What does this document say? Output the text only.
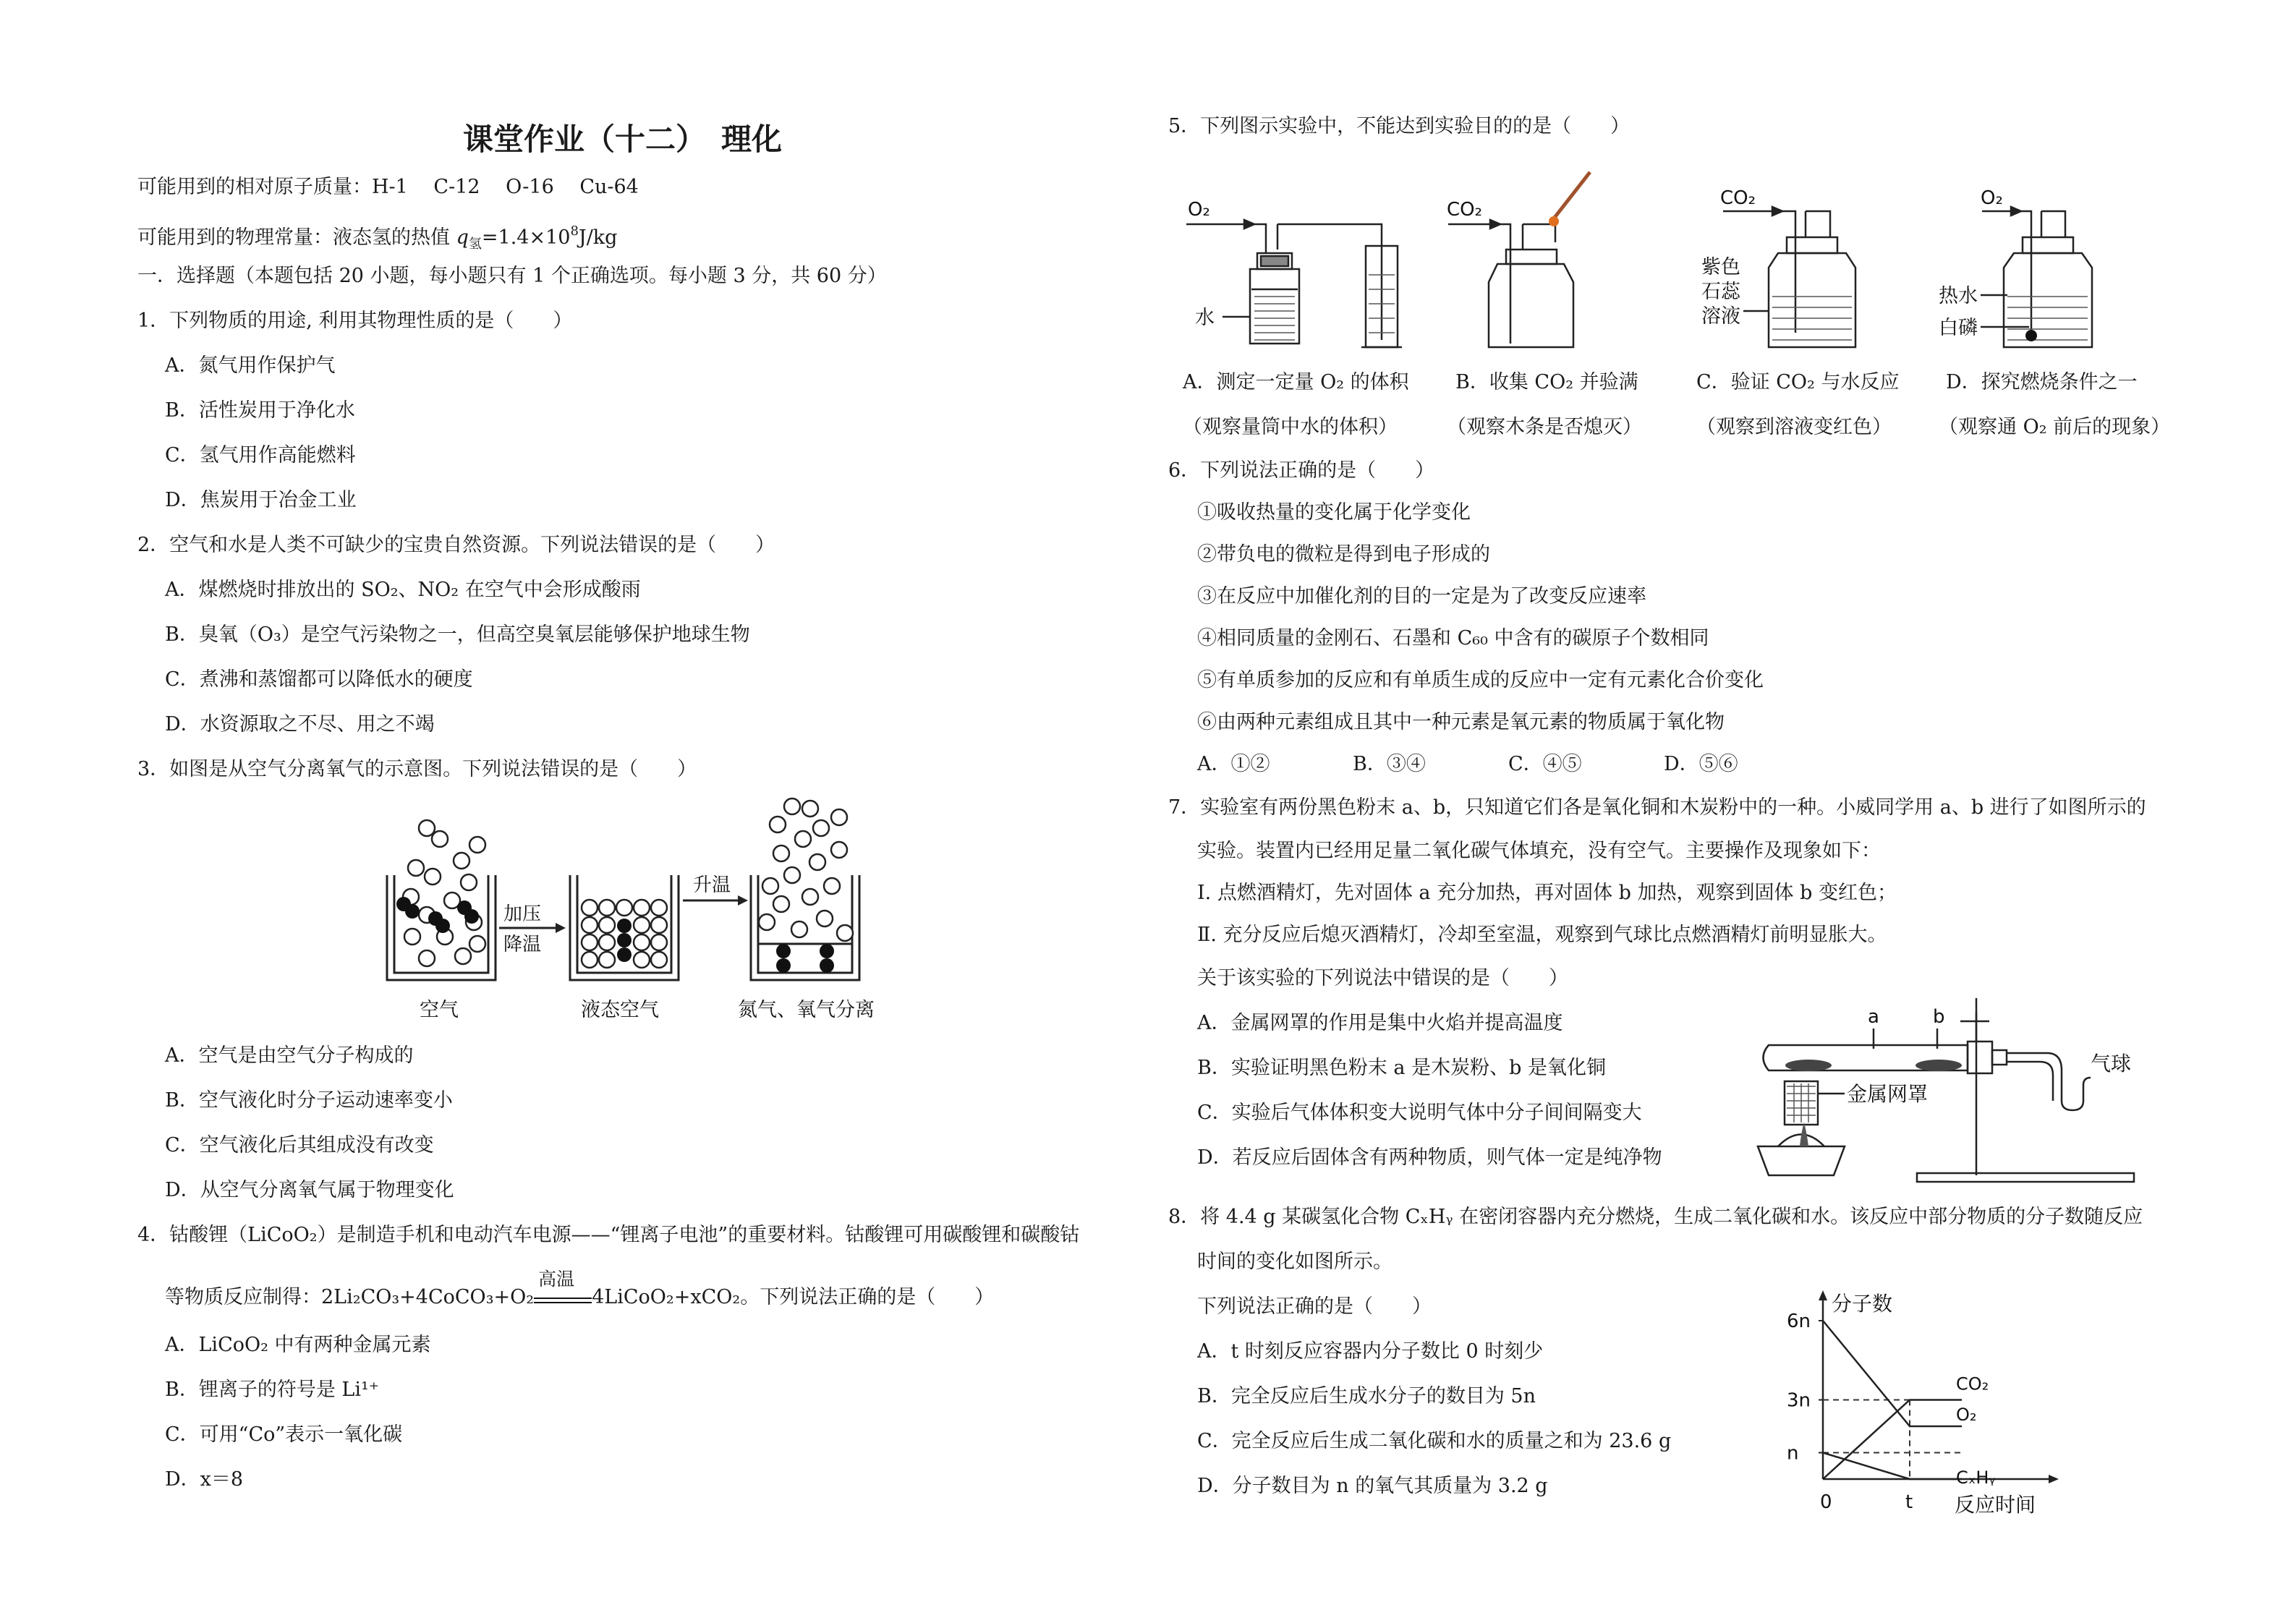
课堂作业（十二）　理化
可能用到的相对原子质量：H-1　 C-12　 O-16　 Cu-64
可能用到的物理常量：液态氢的热值 $q_氢=1.4\times 10^8J/kg$
一．选择题（本题包括 20 小题，每小题只有 1 个正确选项。每小题 3 分，共 60 分）
1．下列物质的用途, 利用其物理性质的是（　　）
A．氮气用作保护气
B．活性炭用于净化水
C．氢气用作高能燃料
D．焦炭用于冶金工业
2．空气和水是人类不可缺少的宝贵自然资源。下列说法错误的是（　　）
A．煤燃烧时排放出的 SO₂、NO₂ 在空气中会形成酸雨
B．臭氧（O₃）是空气污染物之一，但高空臭氧层能够保护地球生物
C．煮沸和蒸馏都可以降低水的硬度
D．水资源取之不尽、用之不竭
3．如图是从空气分离氧气的示意图。下列说法错误的是（　　）
加压
降温
升温
空气	液态空气	氮气、氧气分离
A．空气是由空气分子构成的
B．空气液化时分子运动速率变小
C．空气液化后其组成没有改变
D．从空气分离氧气属于物理变化
4．钴酸锂（LiCoO₂）是制造手机和电动汽车电源——“锂离子电池”的重要材料。钴酸锂可用碳酸锂和碳酸钴
等物质反应制得：2Li₂CO₃+4CoCO₃+O₂
高温
4LiCoO₂+xCO₂。下列说法正确的是（　　）
A．LiCoO₂ 中有两种金属元素
B．锂离子的符号是 Li¹⁺
C．可用“Co”表示一氧化碳
D．x＝8
5．下列图示实验中，不能达到实验目的的是（　　）
O₂
水
CO₂
CO₂
紫色
石蕊
溶液
O₂
热水
白磷
A．测定一定量 O₂ 的体积
（观察量筒中水的体积）
B．收集 CO₂ 并验满
（观察木条是否熄灭）
C．验证 CO₂ 与水反应
（观察到溶液变红色）
D．探究燃烧条件之一
（观察通 O₂ 前后的现象）
6．下列说法正确的是（　　）
①吸收热量的变化属于化学变化
②带负电的微粒是得到电子形成的
③在反应中加催化剂的目的一定是为了改变反应速率
④相同质量的金刚石、石墨和 C₆₀ 中含有的碳原子个数相同
⑤有单质参加的反应和有单质生成的反应中一定有元素化合价变化
⑥由两种元素组成且其中一种元素是氧元素的物质属于氧化物
A．①②	B．③④	C．④⑤	D．⑤⑥
7．实验室有两份黑色粉末 a、b，只知道它们各是氧化铜和木炭粉中的一种。小威同学用 a、b 进行了如图所示的
实验。装置内已经用足量二氧化碳气体填充，没有空气。主要操作及现象如下：
Ⅰ. 点燃酒精灯，先对固体 a 充分加热，再对固体 b 加热，观察到固体 b 变红色；
Ⅱ. 充分反应后熄灭酒精灯，冷却至室温，观察到气球比点燃酒精灯前明显胀大。
关于该实验的下列说法中错误的是（　　）
A．金属网罩的作用是集中火焰并提高温度
B．实验证明黑色粉末 a 是木炭粉、b 是氧化铜
C．实验后气体体积变大说明气体中分子间间隔变大
D．若反应后固体含有两种物质，则气体一定是纯净物
a	b
气球
金属网罩
8．将 4.4 g 某碳氢化合物 CₓHᵧ 在密闭容器内充分燃烧，生成二氧化碳和水。该反应中部分物质的分子数随反应
时间的变化如图所示。
下列说法正确的是（　　）
A．t 时刻反应容器内分子数比 0 时刻少
B．完全反应后生成水分子的数目为 5n
C．完全反应后生成二氧化碳和水的质量之和为 23.6 g
D．分子数目为 n 的氧气其质量为 3.2 g
分子数
反应时间
n
3n
6n
0	t
CO₂
O₂
CₓHᵧ
